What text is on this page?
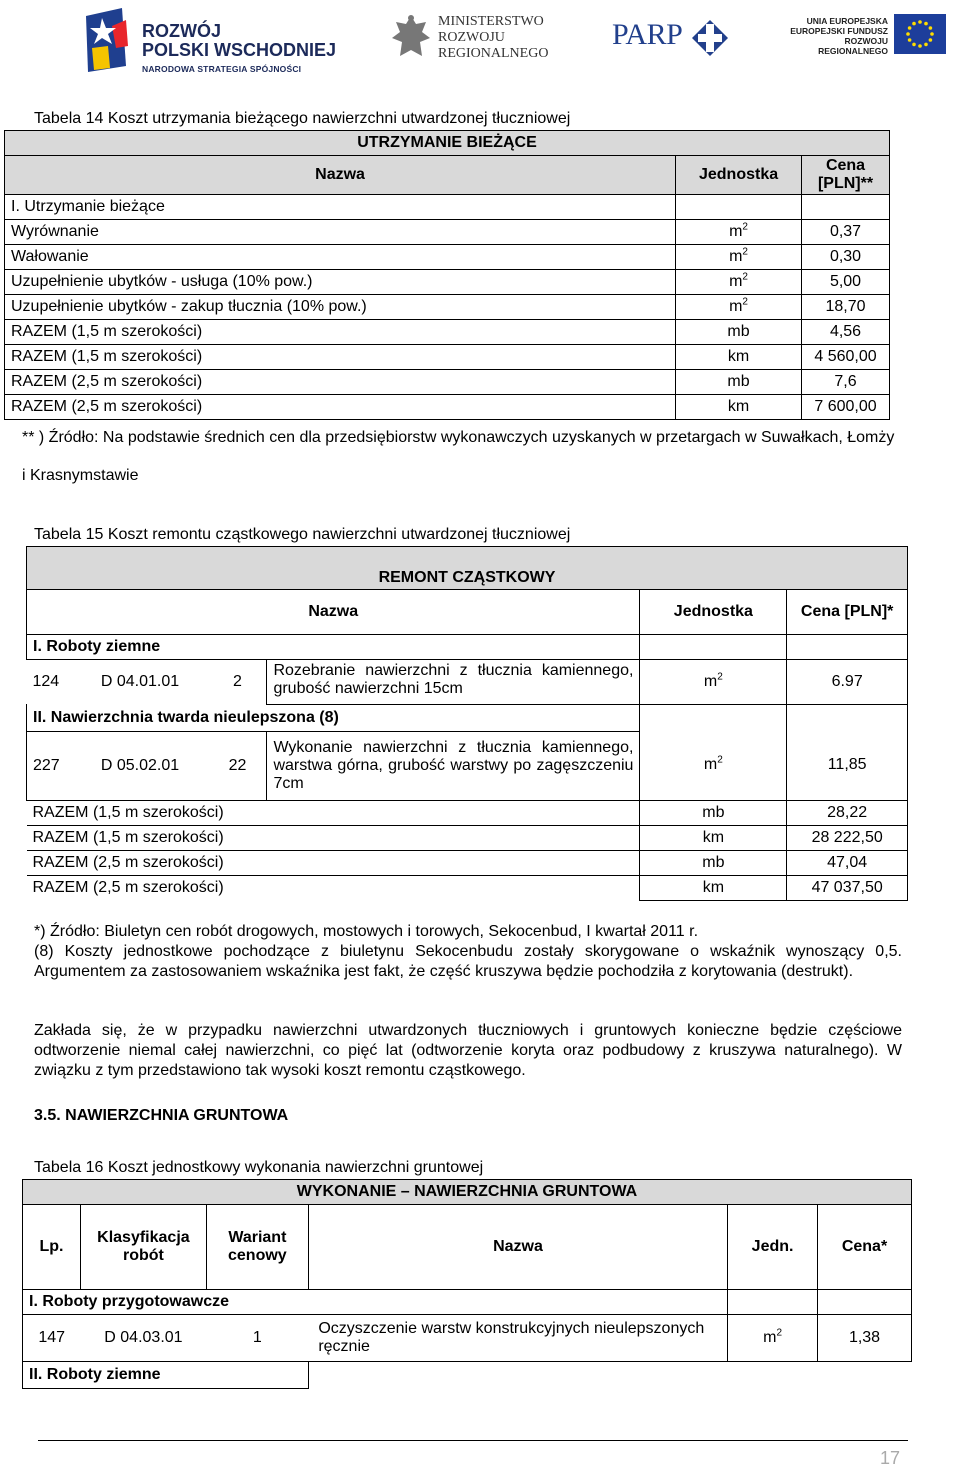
ROZWÓJ
POLSKI WSCHODNIEJ
NARODOWA STRATEGIA SPÓJNOŚCI
MINISTERSTWO
ROZWOJU
REGIONALNEGO
PARP	UNIA EUROPEJSKA
EUROPEJSKI FUNDUSZ
ROZWOJU REGIONALNEGO
Tabela 14 Koszt utrzymania bieżącego nawierzchni utwardzonej tłuczniowej
UTRZYMANIE BIEŻĄCE		
Nazwa	Jednostka	Cena [PLN]**
I. Utrzymanie bieżące		
Wyrównanie	$m^2$	0,37
Wałowanie	$m^2$	0,30
Uzupełnienie ubytków - usługa (10% pow.)	$m^2$	5,00
Uzupełnienie ubytków - zakup tłucznia (10% pow.)	$m^2$	18,70
RAZEM (1,5 m szerokości)	mb	4,56
RAZEM (1,5 m szerokości)	km	4 560,00
RAZEM (2,5 m szerokości)	mb	7,6
RAZEM (2,5 m szerokości)	km	7 600,00
** ) Źródło: Na podstawie średnich cen dla przedsiębiorstw wykonawczych uzyskanych w przetargach w Suwałkach, Łomży
i Krasnymstawie
Tabela 15 Koszt remontu cząstkowego nawierzchni utwardzonej tłuczniowej
REMONT CZĄSTKOWY					
Nazwa				Jednostka	Cena [PLN]*
I. Roboty ziemne					
124	D 04.01.01	2	Rozebranie nawierzchni z tłucznia kamiennego, grubość nawierzchni 15cm	$m^2$	6.97
II. Nawierzchnia twarda nieulepszona (8)					
227	D 05.02.01	22	Wykonanie nawierzchni z tłucznia kamiennego, warstwa górna, grubość warstwy po zagęszczeniu 7cm	$m^2$	11,85
RAZEM (1,5 m szerokości)				mb	28,22
RAZEM (1,5 m szerokości)				km	28 222,50
RAZEM (2,5 m szerokości)				mb	47,04
RAZEM (2,5 m szerokości)				km	47 037,50
*) Źródło: Biuletyn cen robót drogowych, mostowych i torowych, Sekocenbud, I kwartał 2011 r.
(8) Koszty jednostkowe pochodzące z biuletynu Sekocenbudu zostały skorygowane o wskaźnik wynoszący 0,5. Argumentem za zastosowaniem wskaźnika jest fakt, że część kruszywa będzie pochodziła z korytowania (destrukt).
Zakłada się, że w przypadku nawierzchni utwardzonych tłuczniowych i gruntowych konieczne będzie częściowe odtworzenie niemal całej nawierzchni, co pięć lat (odtworzenie koryta oraz podbudowy z kruszywa naturalnego). W związku z tym przedstawiono tak wysoki koszt remontu cząstkowego.
3.5. NAWIERZCHNIA GRUNTOWA
Tabela 16 Koszt jednostkowy wykonania nawierzchni gruntowej
WYKONANIE – NAWIERZCHNIA GRUNTOWA					
Lp.	Klasyfikacja robót	Wariant cenowy	Nazwa	Jedn.	Cena*
I. Roboty przygotowawcze					
147	D 04.03.01	1	Oczyszczenie warstw konstrukcyjnych nieulepszonych ręcznie	$m^2$	1,38
II. Roboty ziemne					
17
